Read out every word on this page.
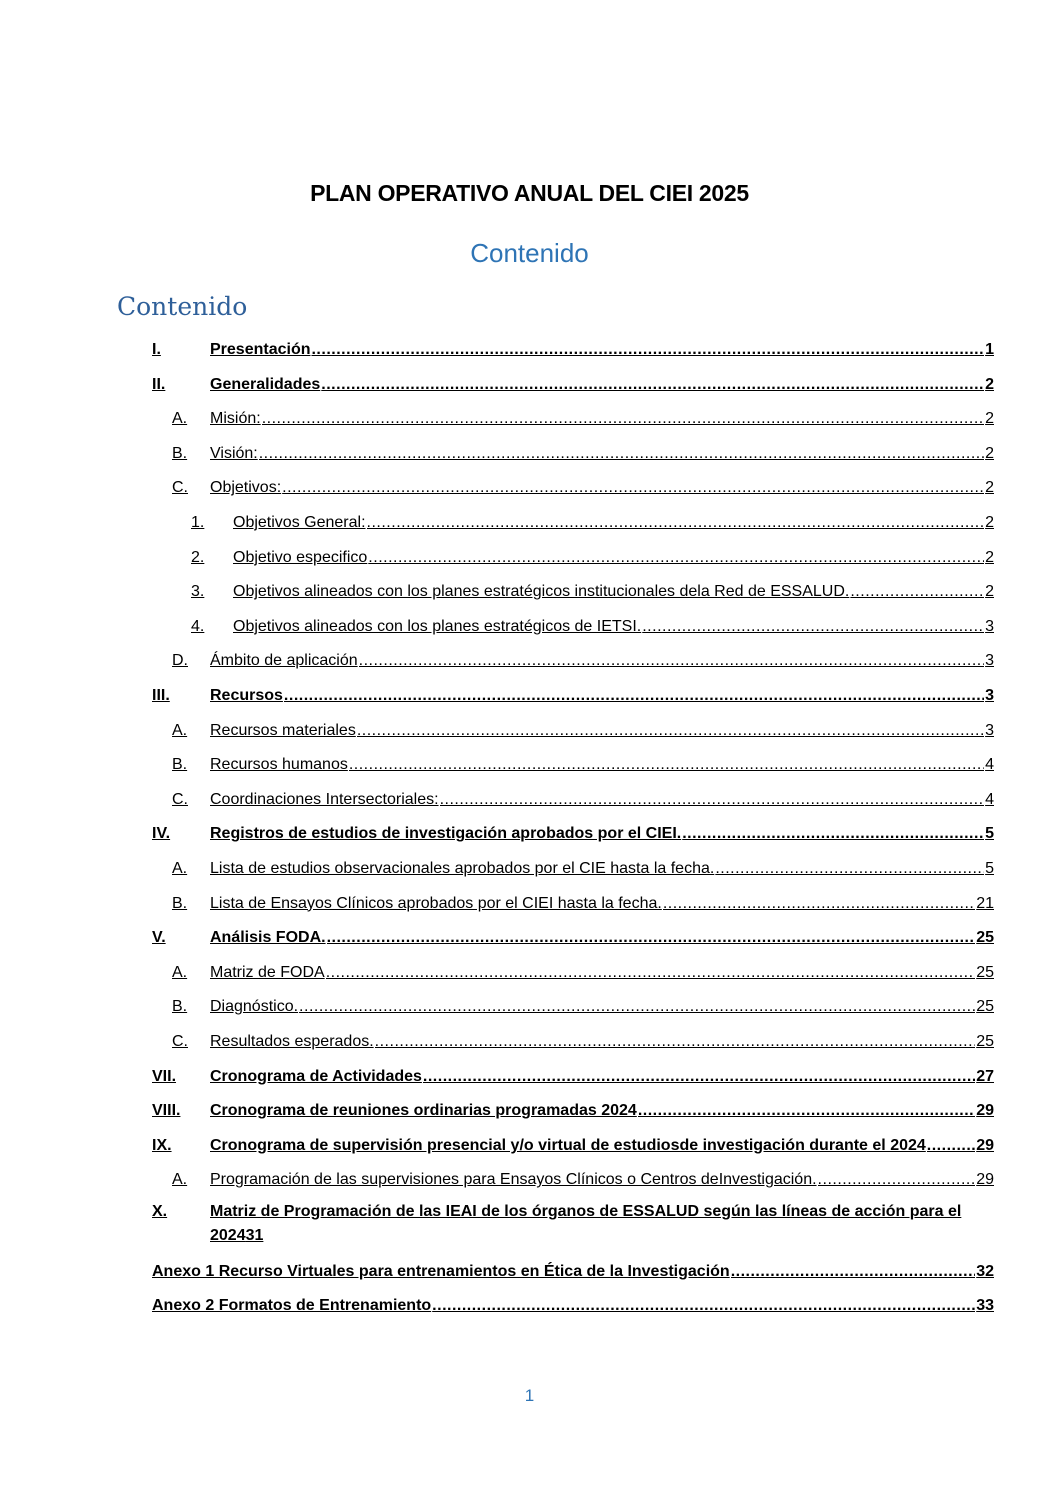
PLAN OPERATIVO ANUAL DEL CIEI 2025
Contenido
Contenido
I.	Presentación .....	1
II.	Generalidades .....	2
A. Misión: .....	2
B. Visión: .....	2
C. Objetivos: .....	2
1. Objetivos General: .....	2
2. Objetivo especifico .....	2
3. Objetivos alineados con los planes estratégicos institucionales dela Red de ESSALUD. .....	2
4. Objetivos alineados con los planes estratégicos de IETSI. .....	3
D. Ámbito de aplicación .....	3
III.	Recursos .....	3
A. Recursos materiales .....	3
B. Recursos humanos .....	4
C. Coordinaciones Intersectoriales: .....	4
IV. Registros de estudios de investigación aprobados por el CIEI. .....	5
A. Lista de estudios observacionales aprobados por el CIE hasta la fecha. .....	5
B. Lista de Ensayos Clínicos aprobados por el CIEI hasta la fecha. .....	21
V.	Análisis FODA. .....	25
A. Matriz de FODA .....	25
B. Diagnóstico. .....	25
C. Resultados esperados. .....	25
VII. Cronograma de Actividades .....	27
VIII. Cronograma de reuniones ordinarias programadas 2024 .....	29
IX. Cronograma de supervisión presencial y/o virtual de estudiosde investigación durante el 2024 .....	29
A. Programación de las supervisiones para Ensayos Clínicos o Centros deInvestigación. .....	29
X.	Matriz de Programación de las IEAI de los órganos de ESSALUD según las líneas de acción para el
2024 31
Anexo 1 Recurso Virtuales para entrenamientos en Ética de la Investigación .....	32
Anexo 2 Formatos de Entrenamiento .....	33
1
